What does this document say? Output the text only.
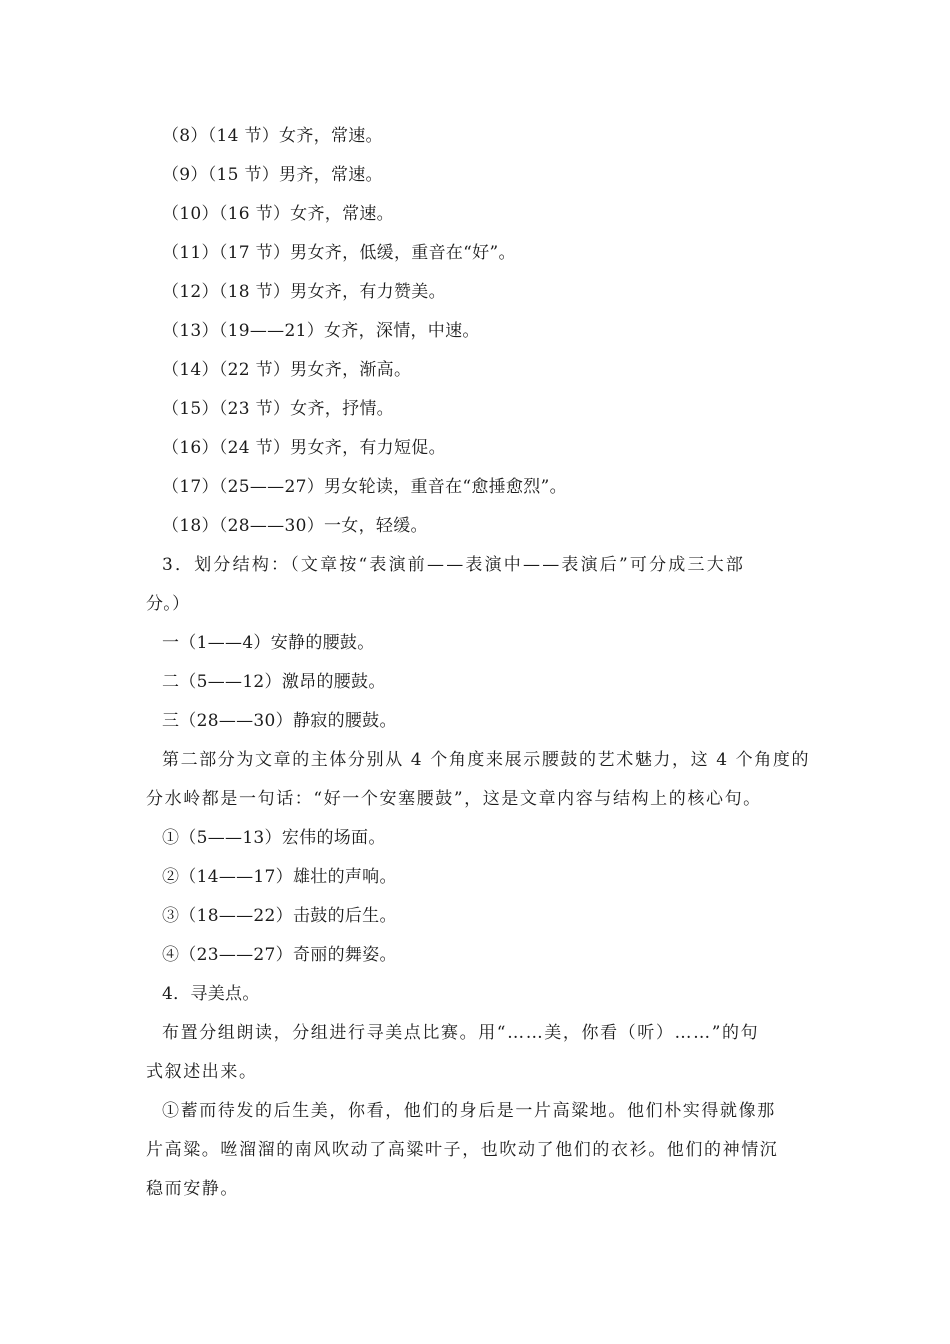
（8）（14 节）女齐，常速。
（9）（15 节）男齐，常速。
（10）（16 节）女齐，常速。
（11）（17 节）男女齐，低缓，重音在“好”。
（12）（18 节）男女齐，有力赞美。
（13）（19——21）女齐，深情，中速。
（14）（22 节）男女齐，渐高。
（15）（23 节）女齐，抒情。
（16）（24 节）男女齐，有力短促。
（17）（25——27）男女轮读，重音在“愈捶愈烈”。
（18）（28——30）一女，轻缓。
3．划分结构：（文章按“表演前——表演中——表演后”可分成三大部
分。）
一（1——4）安静的腰鼓。
二（5——12）激昂的腰鼓。
三（28——30）静寂的腰鼓。
第二部分为文章的主体分别从 4 个角度来展示腰鼓的艺术魅力，这 4 个角度的
分水岭都是一句话：“好一个安塞腰鼓”，这是文章内容与结构上的核心句。
①（5——13）宏伟的场面。
②（14——17）雄壮的声响。
③（18——22）击鼓的后生。
④（23——27）奇丽的舞姿。
4．寻美点。
布置分组朗读，分组进行寻美点比赛。用“……美，你看（听）……”的句
式叙述出来。
①蓄而待发的后生美，你看，他们的身后是一片高粱地。他们朴实得就像那
片高粱。咝溜溜的南风吹动了高粱叶子，也吹动了他们的衣衫。他们的神情沉
稳而安静。
